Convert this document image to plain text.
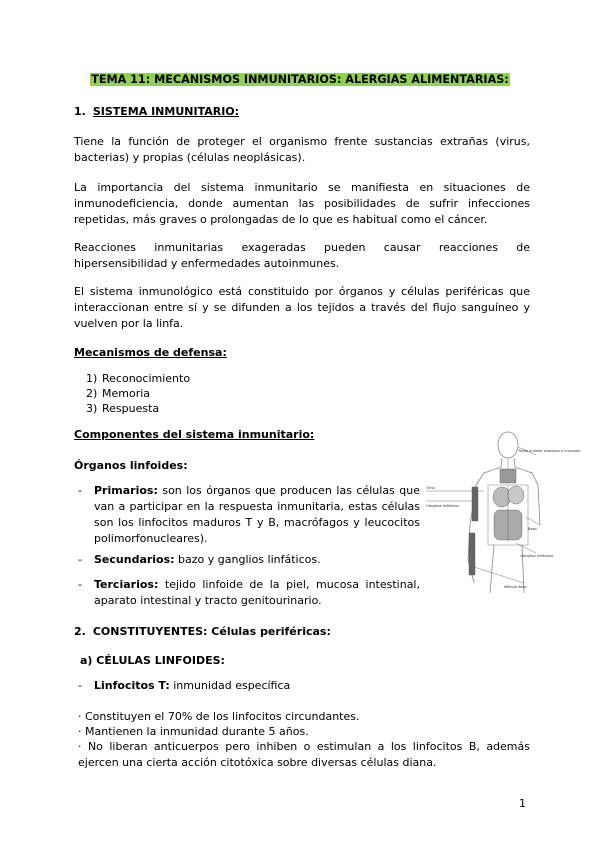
TEMA 11: MECANISMOS INMUNITARIOS: ALERGIAS ALIMENTARIAS:
1. SISTEMA INMUNITARIO:

Tiene la función de proteger el organismo frente sustancias extrañas (virus, bacterias) y propias (células neoplásicas).

La importancia del sistema inmunitario se manifiesta en situaciones de inmunodeficiencia, donde aumentan las posibilidades de sufrir infecciones repetidas, más graves o prolongadas de lo que es habitual como el cáncer.

Reacciones inmunitarias exageradas pueden causar reacciones de hipersensibilidad y enfermedades autoinmunes.

El sistema inmunológico está constituido por órganos y células periféricas que interaccionan entre sí y se difunden a los tejidos a través del flujo sanguíneo y vuelven por la linfa.

Mecanismos de defensa:
1) Reconocimiento
2) Memoria
3) Respuesta
Componentes del sistema inmunitario:
Órganos linfoides:
- Primarios: son los órganos que producen las células que van a participar en la respuesta inmunitaria, estas células son los linfocitos maduros T y B, macrófagos y leucocitos polimorfonucleares).
- Secundarios: bazo y ganglios linfáticos.
- Terciarios: tejido linfoide de la piel, mucosa intestinal, aparato intestinal y tracto genitourinario.
Tejido linfoide asociado a mucosas
Timo
Ganglios linfáticos
Bazo
Ganglios linfáticos
Médula ósea
2. CONSTITUYENTES: Células periféricas:
a) CÉLULAS LINFOIDES:
- Linfocitos T: inmunidad específica
· Constituyen el 70% de los linfocitos circundantes.
· Mantienen la inmunidad durante 5 años.
· No liberan anticuerpos pero inhiben o estimulan a los linfocitos B, además ejercen una cierta acción citotóxica sobre diversas células diana.
1
